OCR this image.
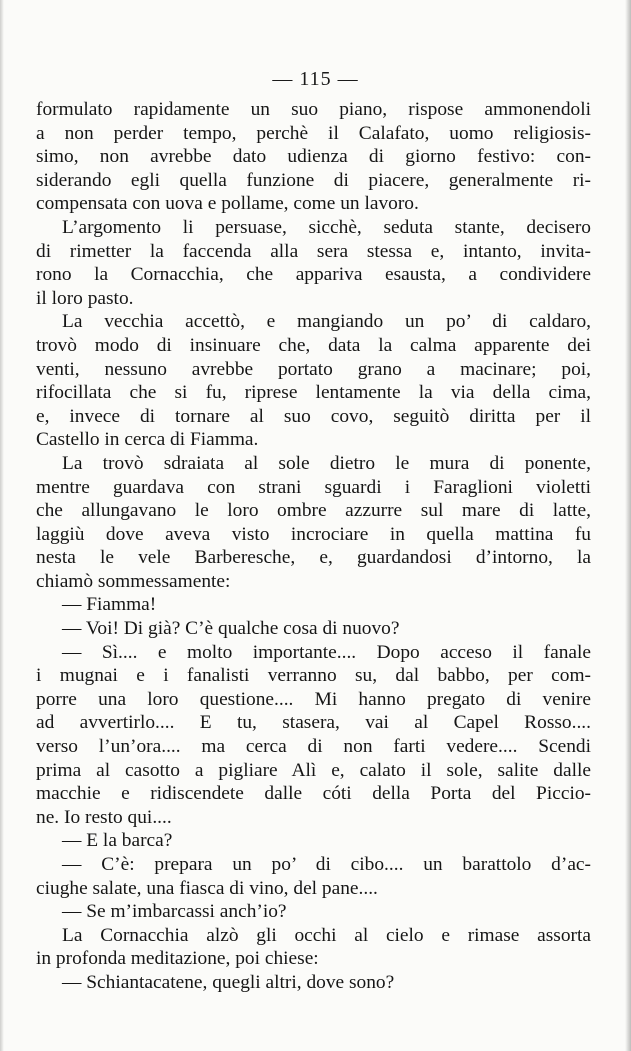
— 115 —
formulato rapidamente un suo piano, rispose ammonendoli
a non perder tempo, perchè il Calafato, uomo religiosis-
simo, non avrebbe dato udienza di giorno festivo: con-
siderando egli quella funzione di piacere, generalmente ri-
compensata con uova e pollame, come un lavoro.
L’argomento li persuase, sicchè, seduta stante, decisero
di rimetter la faccenda alla sera stessa e, intanto, invita-
rono la Cornacchia, che appariva esausta, a condividere
il loro pasto.
La vecchia accettò, e mangiando un po’ di caldaro,
trovò modo di insinuare che, data la calma apparente dei
venti, nessuno avrebbe portato grano a macinare; poi,
rifocillata che si fu, riprese lentamente la via della cima,
e, invece di tornare al suo covo, seguitò diritta per il
Castello in cerca di Fiamma.
La trovò sdraiata al sole dietro le mura di ponente,
mentre guardava con strani sguardi i Faraglioni violetti
che allungavano le loro ombre azzurre sul mare di latte,
laggiù dove aveva visto incrociare in quella mattina fu
nesta le vele Barberesche, e, guardandosi d’intorno, la
chiamò sommessamente:
— Fiamma!
— Voi! Di già? C’è qualche cosa di nuovo?
— Sì.... e molto importante.... Dopo acceso il fanale
i mugnai e i fanalisti verranno su, dal babbo, per com-
porre una loro questione.... Mi hanno pregato di venire
ad avvertirlo.... E tu, stasera, vai al Capel Rosso....
verso l’un’ora.... ma cerca di non farti vedere.... Scendi
prima al casotto a pigliare Alì e, calato il sole, salite dalle
macchie e ridiscendete dalle cóti della Porta del Piccio-
ne. Io resto qui....
— E la barca?
— C’è: prepara un po’ di cibo.... un barattolo d’ac-
ciughe salate, una fiasca di vino, del pane....
— Se m’imbarcassi anch’io?
La Cornacchia alzò gli occhi al cielo e rimase assorta
in profonda meditazione, poi chiese:
— Schiantacatene, quegli altri, dove sono?
